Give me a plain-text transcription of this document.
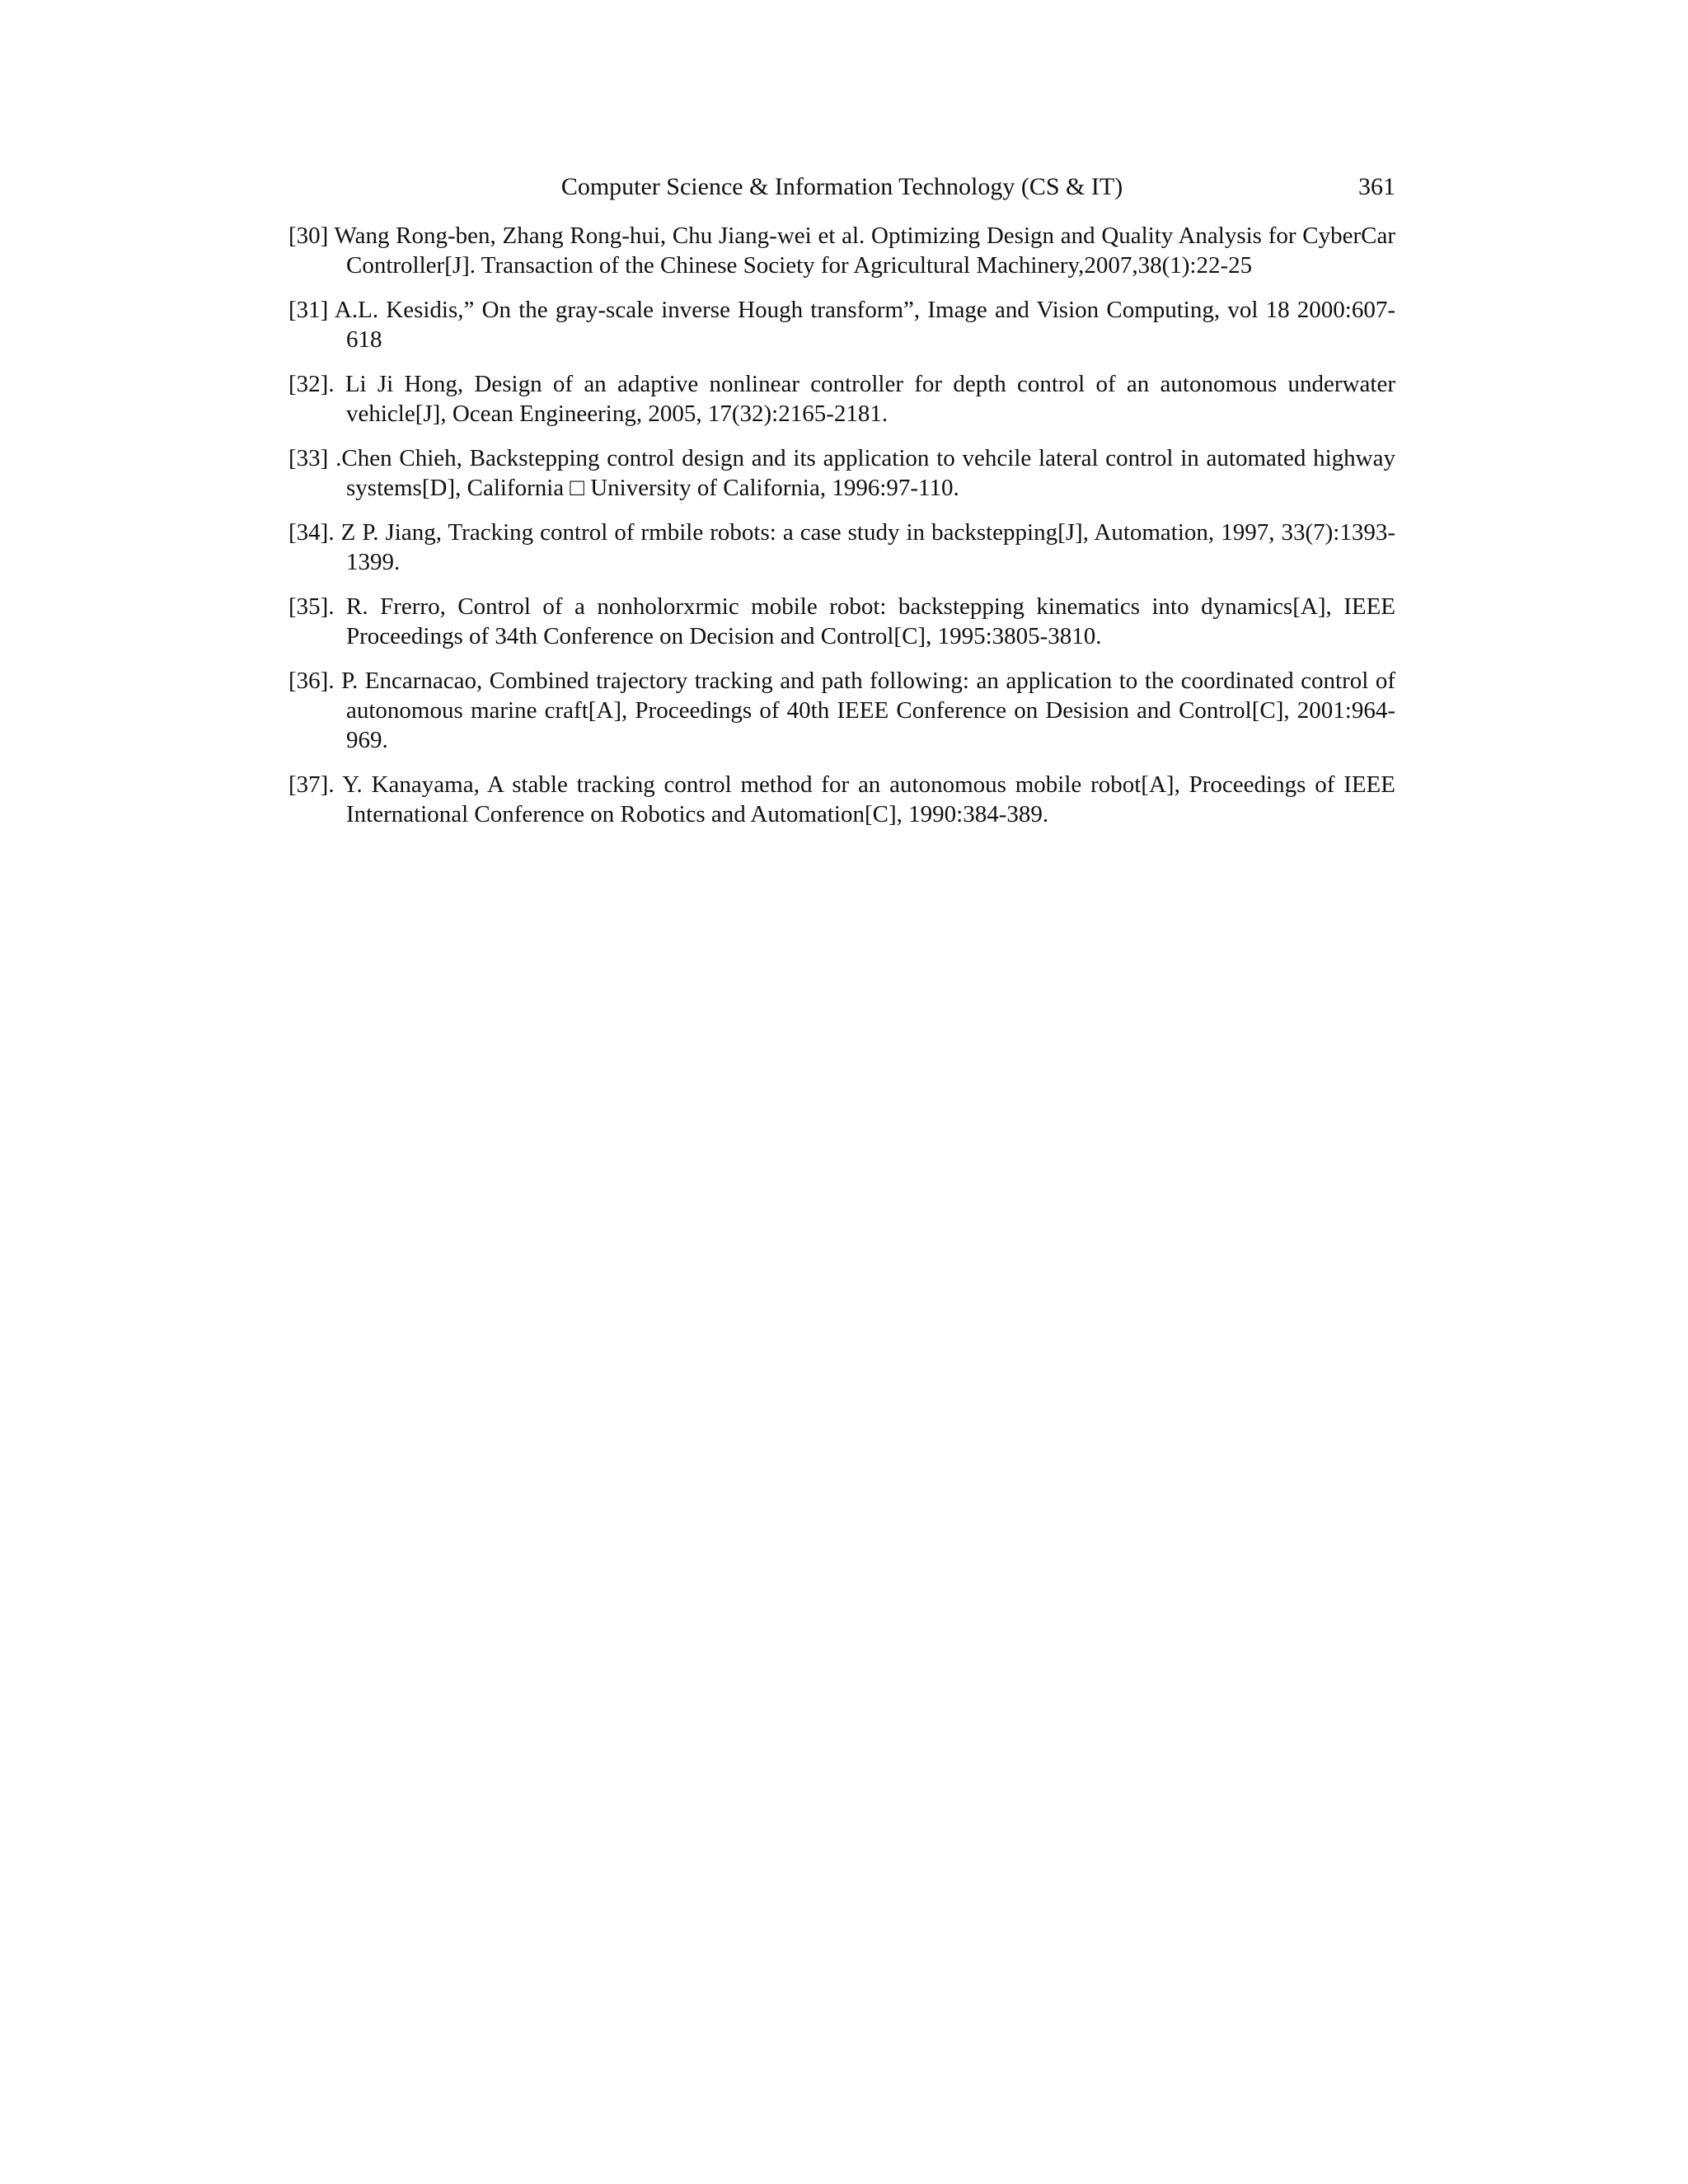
Computer Science & Information Technology (CS & IT)	361
[30] Wang Rong-ben, Zhang Rong-hui, Chu Jiang-wei et al. Optimizing Design and Quality Analysis for CyberCar Controller[J]. Transaction of the Chinese Society for Agricultural Machinery,2007,38(1):22-25
[31] A.L. Kesidis,” On the gray-scale inverse Hough transform”, Image and Vision Computing, vol 18 2000:607-618
[32]. Li Ji Hong, Design of an adaptive nonlinear controller for depth control of an autonomous underwater vehicle[J], Ocean Engineering, 2005, 17(32):2165-2181.
[33] .Chen Chieh, Backstepping control design and its application to vehcile lateral control in automated highway systems[D], California □ University of California, 1996:97-110.
[34]. Z P. Jiang, Tracking control of rmbile robots: a case study in backstepping[J], Automation, 1997, 33(7):1393-1399.
[35]. R. Frerro, Control of a nonholorxrmic mobile robot: backstepping kinematics into dynamics[A], IEEE Proceedings of 34th Conference on Decision and Control[C], 1995:3805-3810.
[36]. P. Encarnacao, Combined trajectory tracking and path following: an application to the coordinated control of autonomous marine craft[A], Proceedings of 40th IEEE Conference on Desision and Control[C], 2001:964-969.
[37]. Y. Kanayama, A stable tracking control method for an autonomous mobile robot[A], Proceedings of IEEE International Conference on Robotics and Automation[C], 1990:384-389.
